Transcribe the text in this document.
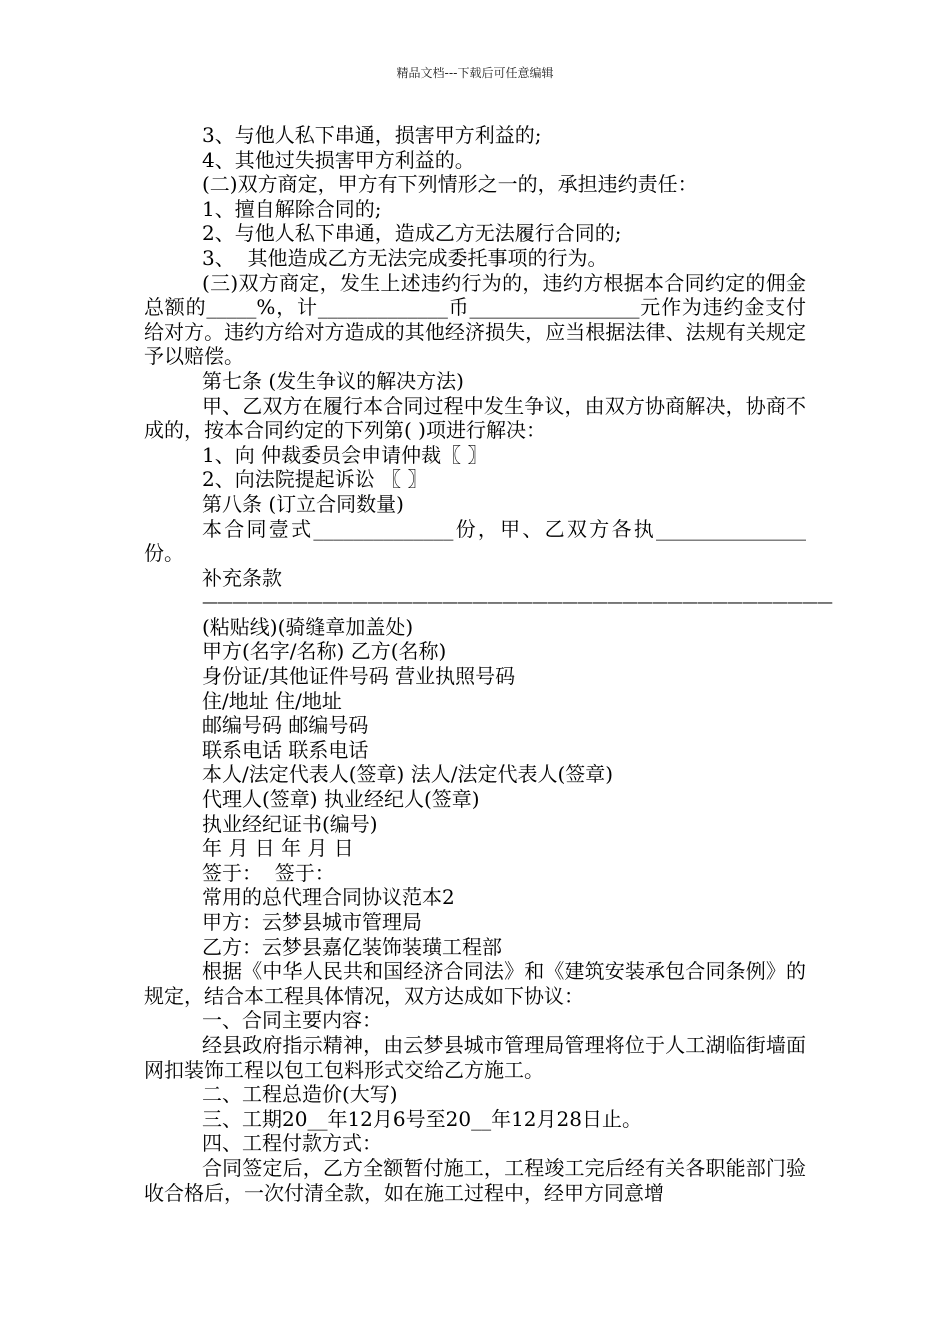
精品文档---下载后可任意编辑

3、与他人私下串通，损害甲方利益的;

4、其他过失损害甲方利益的。

(二)双方商定，甲方有下列情形之一的，承担违约责任：

1、擅自解除合同的;

2、与他人私下串通，造成乙方无法履行合同的;

3、  其他造成乙方无法完成委托事项的行为。

(三)双方商定，发生上述违约行为的，违约方根据本合同约定的佣金总额的_____%，计_____________币_________________元作为违约金支付给对方。违约方给对方造成的其他经济损失，应当根据法律、法规有关规定予以赔偿。

第七条 (发生争议的解决方法)

甲、乙双方在履行本合同过程中发生争议，由双方协商解决，协商不成的，按本合同约定的下列第( )项进行解决：

1、向 仲裁委员会申请仲裁〖 〗

2、向法院提起诉讼 〖 〗

第八条 (订立合同数量)

本合同壹式______________份，甲、乙双方各执_______________份。

补充条款

——————————————————————————————————————————

(粘贴线)(骑缝章加盖处)

甲方(名字/名称) 乙方(名称)

身份证/其他证件号码 营业执照号码

住/地址 住/地址

邮编号码 邮编号码

联系电话 联系电话

本人/法定代表人(签章) 法人/法定代表人(签章)

代理人(签章) 执业经纪人(签章)

执业经纪证书(编号)

年 月 日 年 月 日

签于：  签于：

常用的总代理合同协议范本2

甲方：云梦县城市管理局

乙方：云梦县嘉亿装饰装璜工程部

根据《中华人民共和国经济合同法》和《建筑安装承包合同条例》的规定，结合本工程具体情况，双方达成如下协议：

一、合同主要内容：

经县政府指示精神，由云梦县城市管理局管理将位于人工湖临街墙面网扣装饰工程以包工包料形式交给乙方施工。

二、工程总造价(大写)

三、工期20__年12月6号至20__年12月28日止。

四、工程付款方式：

合同签定后，乙方全额暂付施工，工程竣工完后经有关各职能部门验收合格后，一次付清全款，如在施工过程中，经甲方同意增
